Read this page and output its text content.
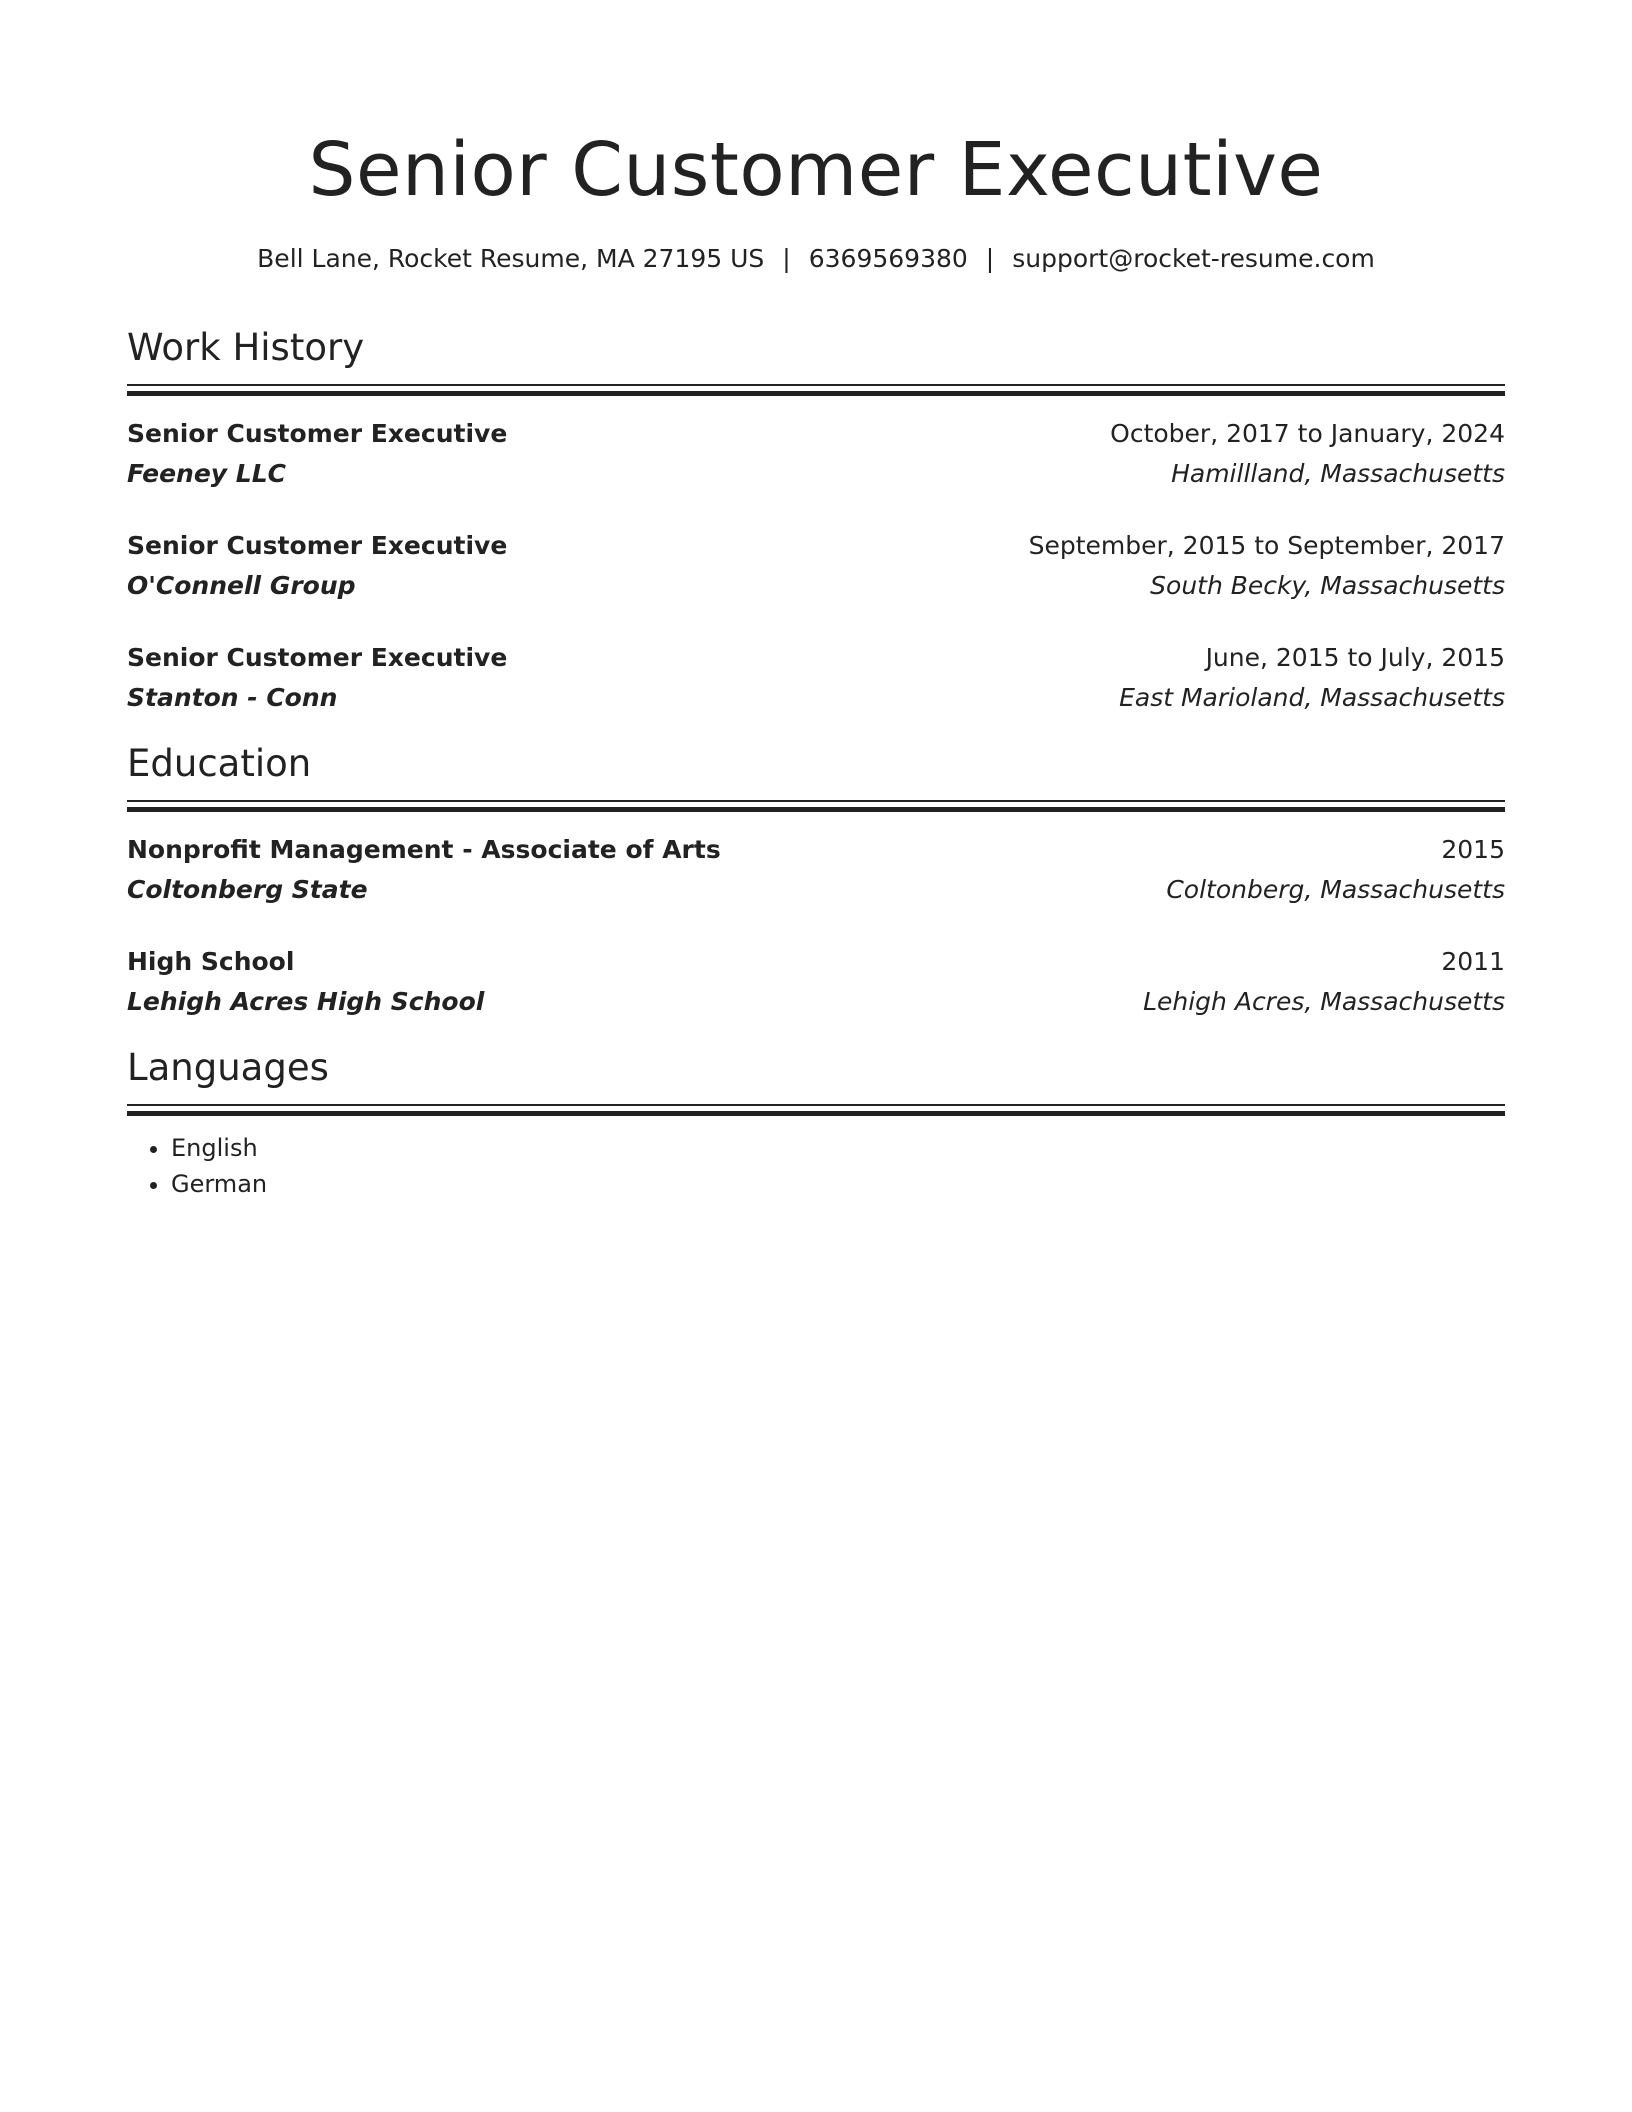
Senior Customer Executive
Bell Lane, Rocket Resume, MA 27195 US | 6369569380 | support@rocket-resume.com
Work History
Senior Customer Executive	October, 2017 to January, 2024
Feeney LLC	Hamillland, Massachusetts
Senior Customer Executive	September, 2015 to September, 2017
O'Connell Group	South Becky, Massachusetts
Senior Customer Executive	June, 2015 to July, 2015
Stanton - Conn	East Marioland, Massachusetts
Education
Nonprofit Management - Associate of Arts	2015
Coltonberg State	Coltonberg, Massachusetts
High School	2011
Lehigh Acres High School	Lehigh Acres, Massachusetts
Languages
• English
• German
